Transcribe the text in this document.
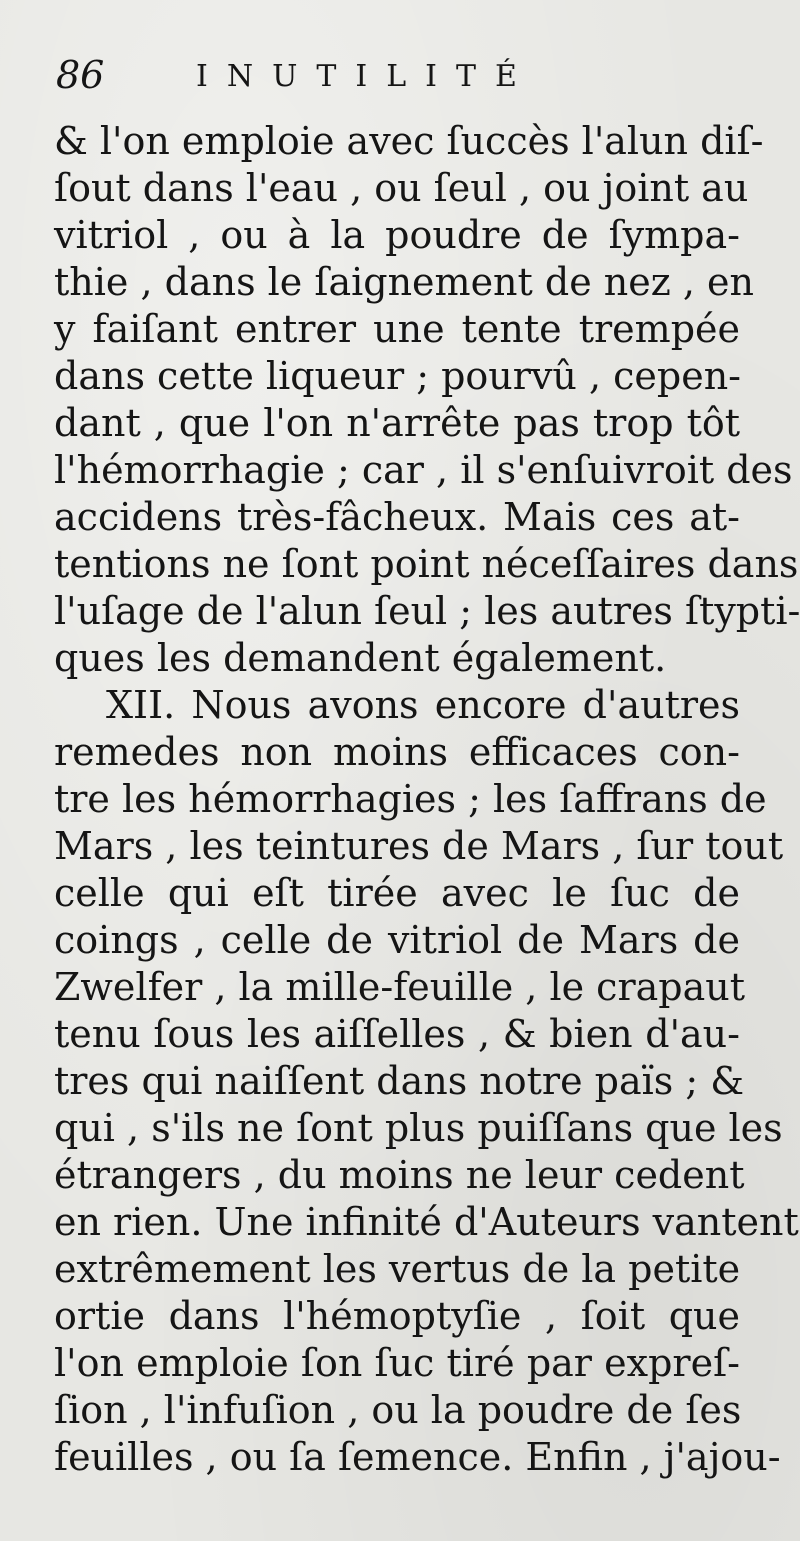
86	INUTILITÉ
& l'on emploie avec ſuccès l'alun diſ-
ſout dans l'eau , ou ſeul , ou joint au
vitriol , ou à la poudre de ſympa-
thie , dans le ſaignement de nez , en
y faiſant entrer une tente trempée
dans cette liqueur ; pourvû , cepen-
dant , que l'on n'arrête pas trop tôt
l'hémorrhagie ; car , il s'enſuivroit des
accidens très-fâcheux. Mais ces at-
tentions ne ſont point néceſſaires dans
l'uſage de l'alun ſeul ; les autres ſtypti-
ques les demandent également.
XII. Nous avons encore d'autres
remedes non moins efficaces con-
tre les hémorrhagies ; les ſaffrans de
Mars , les teintures de Mars , ſur tout
celle qui eſt tirée avec le ſuc de
coings , celle de vitriol de Mars de
Zwelfer , la mille-feuille , le crapaut
tenu ſous les aiſſelles , & bien d'au-
tres qui naiſſent dans notre païs ; &
qui , s'ils ne ſont plus puiſſans que les
étrangers , du moins ne leur cedent
en rien. Une infinité d'Auteurs vantent
extrêmement les vertus de la petite
ortie dans l'hémoptyſie , ſoit que
l'on emploie ſon ſuc tiré par expreſ-
ſion , l'infuſion , ou la poudre de ſes
feuilles , ou ſa ſemence. Enfin , j'ajou-
